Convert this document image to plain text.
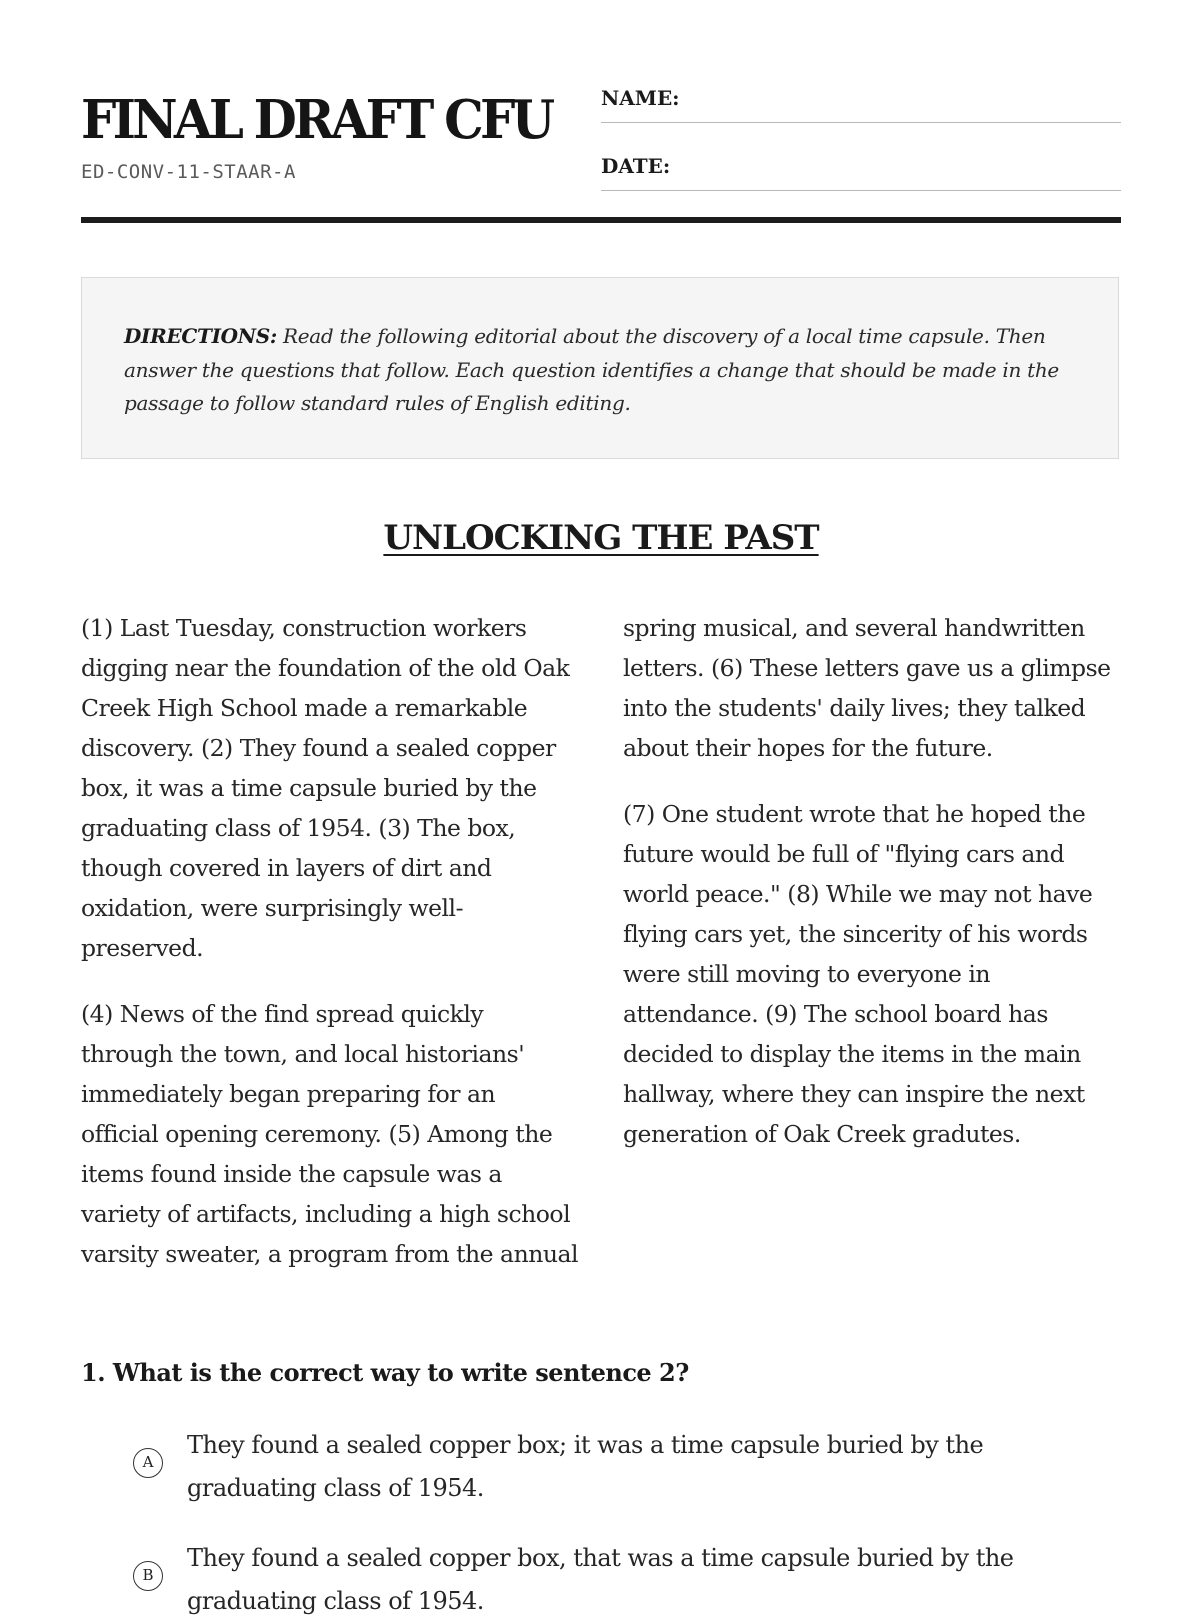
FINAL DRAFT CFU
ED-CONV-11-STAAR-A
NAME:
DATE:
DIRECTIONS: Read the following editorial about the discovery of a local time capsule. Then answer the questions that follow. Each question identifies a change that should be made in the passage to follow standard rules of English editing.
UNLOCKING THE PAST

(1) Last Tuesday, construction workers digging near the foundation of the old Oak Creek High School made a remarkable discovery. (2) They found a sealed copper box, it was a time capsule buried by the graduating class of 1954. (3) The box, though covered in layers of dirt and oxidation, were surprisingly well-preserved.

(4) News of the find spread quickly through the town, and local historians' immediately began preparing for an official opening ceremony. (5) Among the items found inside the capsule was a variety of artifacts, including a high school varsity sweater, a program from the annual spring musical, and several handwritten letters. (6) These letters gave us a glimpse into the students' daily lives; they talked about their hopes for the future.

(7) One student wrote that he hoped the future would be full of "flying cars and world peace." (8) While we may not have flying cars yet, the sincerity of his words were still moving to everyone in attendance. (9) The school board has decided to display the items in the main hallway, where they can inspire the next generation of Oak Creek gradutes.

1. What is the correct way to write sentence 2?
A
They found a sealed copper box; it was a time capsule buried by the graduating class of 1954.
B
They found a sealed copper box, that was a time capsule buried by the graduating class of 1954.
